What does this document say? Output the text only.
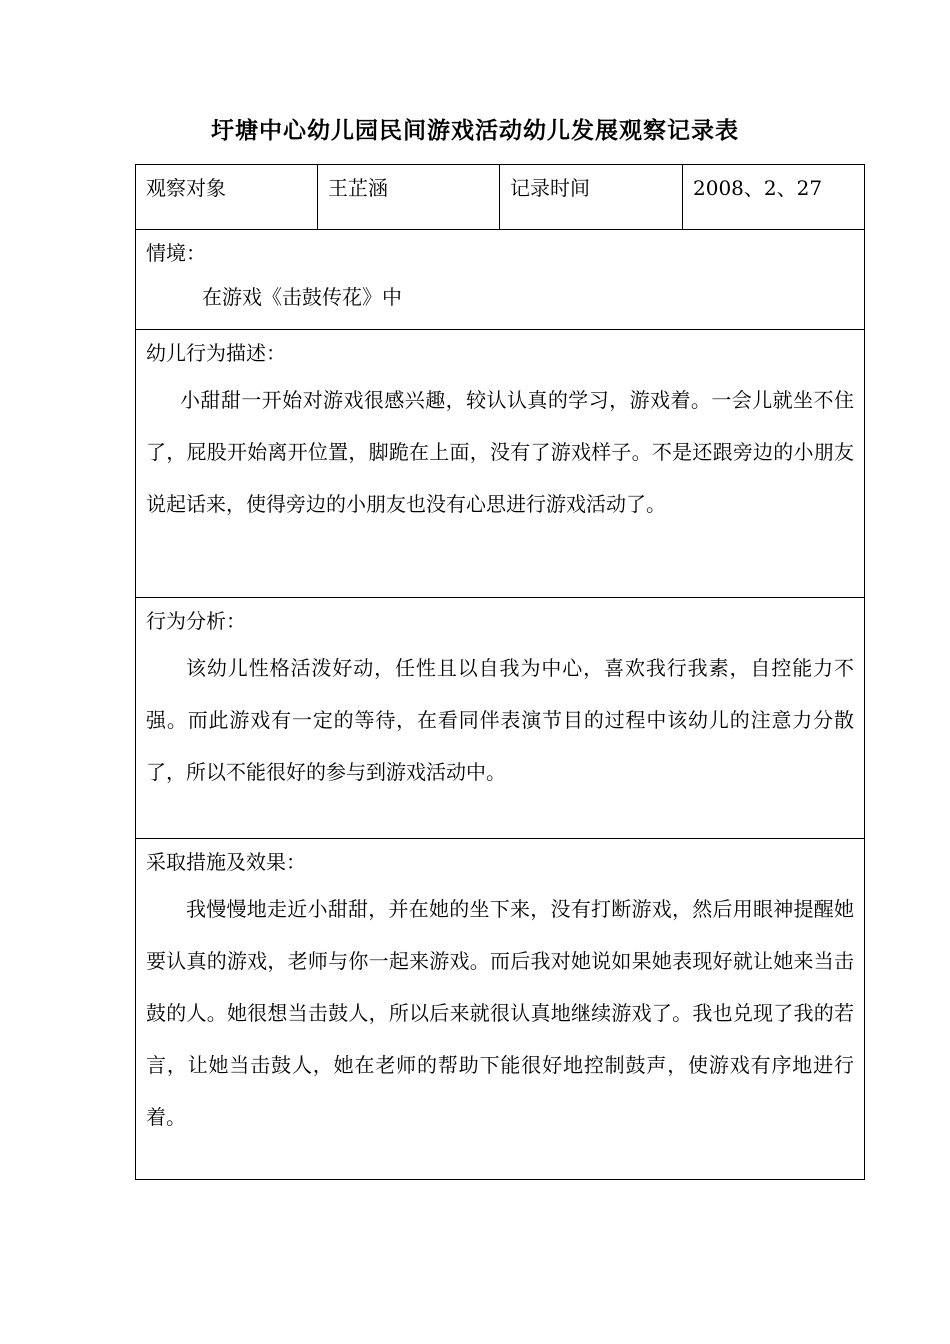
圩塘中心幼儿园民间游戏活动幼儿发展观察记录表
观察对象	王芷涵	记录时间	2008、2、27

情境：
在游戏《击鼓传花》中

幼儿行为描述：
小甜甜一开始对游戏很感兴趣，较认认真的学习，游戏着。一会儿就坐不住了，屁股开始离开位置，脚跪在上面，没有了游戏样子。不是还跟旁边的小朋友说起话来，使得旁边的小朋友也没有心思进行游戏活动了。

行为分析：
该幼儿性格活泼好动，任性且以自我为中心，喜欢我行我素，自控能力不强。而此游戏有一定的等待，在看同伴表演节目的过程中该幼儿的注意力分散了，所以不能很好的参与到游戏活动中。

采取措施及效果：
我慢慢地走近小甜甜，并在她的坐下来，没有打断游戏，然后用眼神提醒她要认真的游戏，老师与你一起来游戏。而后我对她说如果她表现好就让她来当击鼓的人。她很想当击鼓人，所以后来就很认真地继续游戏了。我也兑现了我的若言，让她当击鼓人，她在老师的帮助下能很好地控制鼓声，使游戏有序地进行着。
